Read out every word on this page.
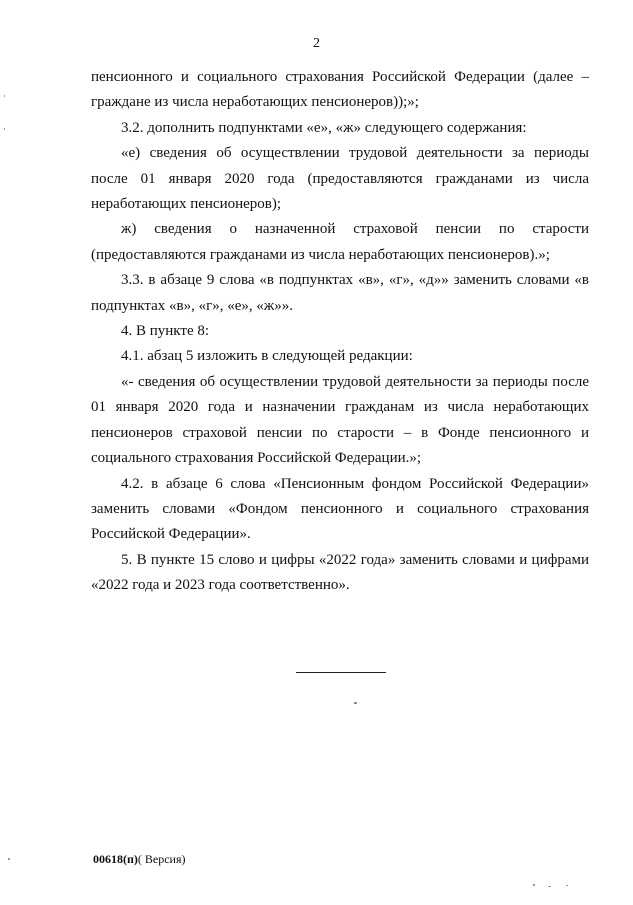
2

пенсионного и социального страхования Российской Федерации (далее – граждане из числа неработающих пенсионеров));»;

3.2. дополнить подпунктами «е», «ж» следующего содержания:

«е) сведения об осуществлении трудовой деятельности за периоды после 01 января 2020 года (предоставляются гражданами из числа неработающих пенсионеров);

ж) сведения о назначенной страховой пенсии по старости (предоставляются гражданами из числа неработающих пенсионеров).»;

3.3. в абзаце 9 слова «в подпунктах «в», «г», «д»» заменить словами «в подпунктах «в», «г», «е», «ж»».

4. В пункте 8:

4.1. абзац 5 изложить в следующей редакции:

«- сведения об осуществлении трудовой деятельности за периоды после 01 января 2020 года и назначении гражданам из числа неработающих пенсионеров страховой пенсии по старости – в Фонде пенсионного и социального страхования Российской Федерации.»;

4.2. в абзаце 6 слова «Пенсионным фондом Российской Федерации» заменить словами «Фондом пенсионного и социального страхования Российской Федерации».

5. В пункте 15 слово и цифры «2022 года» заменить словами и цифрами «2022 года и 2023 года соответственно».

00618(п)( Версия)
